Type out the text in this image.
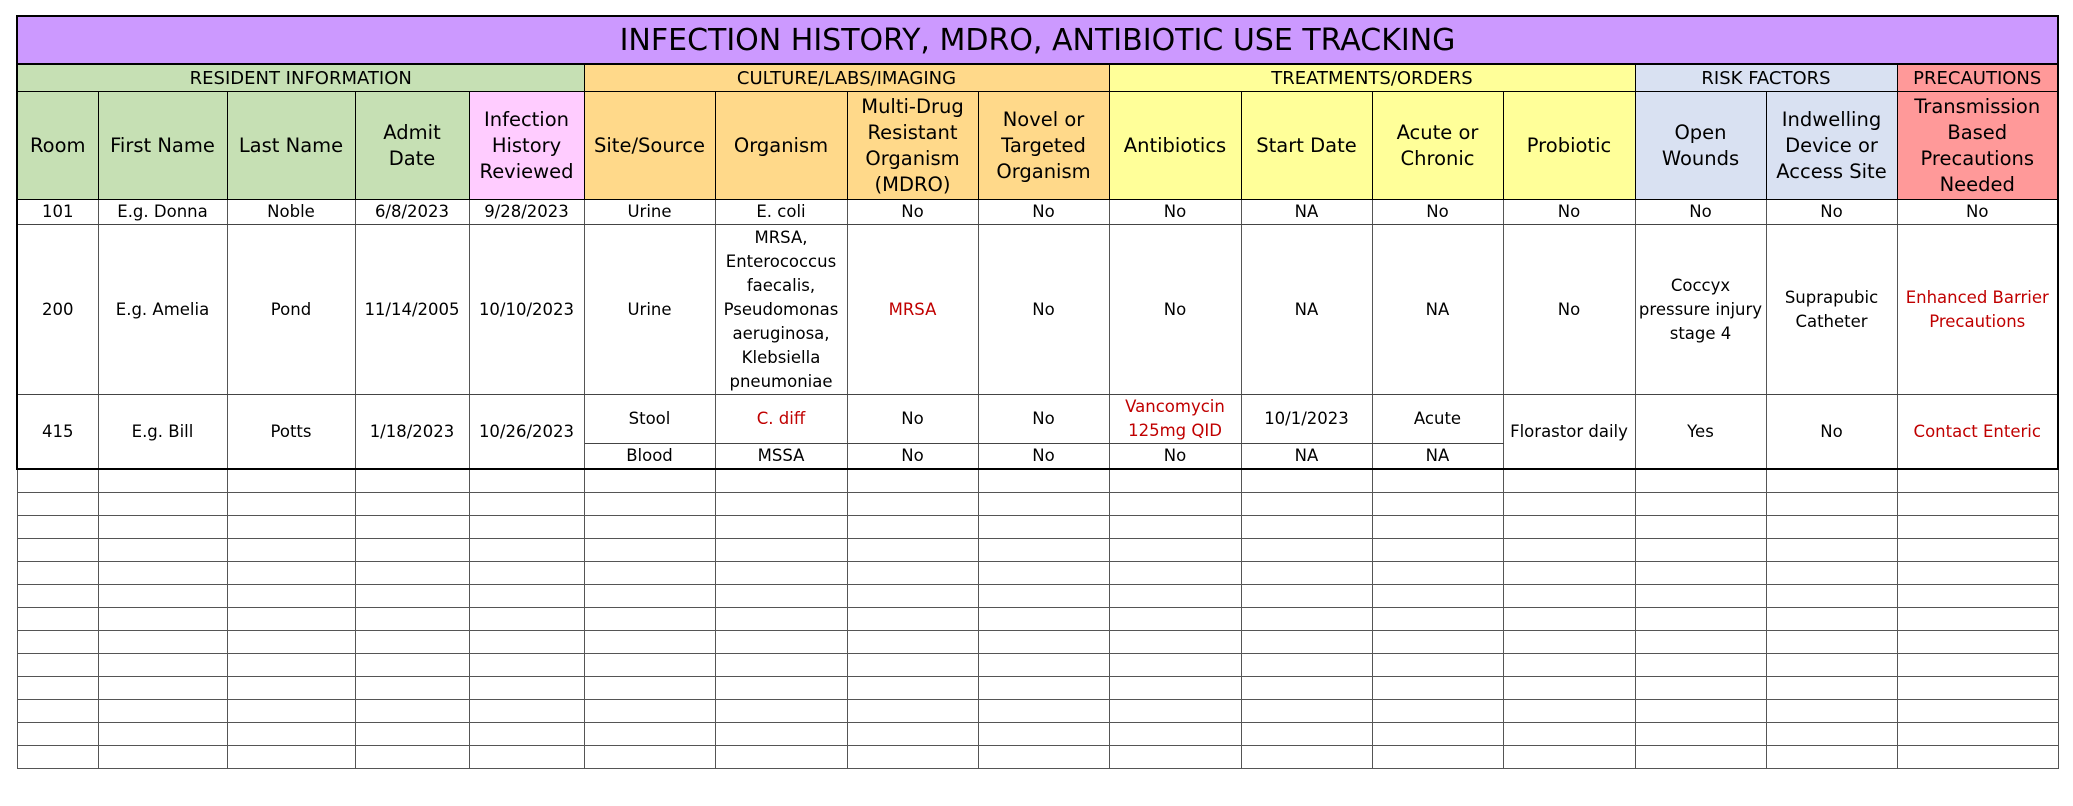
INFECTION HISTORY, MDRO, ANTIBIOTIC USE TRACKING															
RESIDENT INFORMATION					CULTURE/LABS/IMAGING				TREATMENTS/ORDERS				RISK FACTORS		PRECAUTIONS
Room	First Name	Last Name	Admit Date	Infection History Reviewed	Site/Source	Organism	Multi-Drug Resistant Organism (MDRO)	Novel or Targeted Organism	Antibiotics	Start Date	Acute or Chronic	Probiotic	Open Wounds	Indwelling Device or Access Site	Transmission Based Precautions Needed
101	E.g. Donna	Noble	6/8/2023	9/28/2023	Urine	E. coli	No	No	No	NA	No	No	No	No	No
200	E.g. Amelia	Pond	11/14/2005	10/10/2023	Urine	MRSA, Enterococcus faecalis, Pseudomonas aeruginosa, Klebsiella pneumoniae	MRSA	No	No	NA	NA	No	Coccyx pressure injury stage 4	Suprapubic Catheter	Enhanced Barrier Precautions
415	E.g. Bill	Potts	1/18/2023	10/26/2023	Stool	C. diff	No	No	Vancomycin 125mg QID	10/1/2023	Acute	Florastor daily	Yes	No	Contact Enteric
					Blood	MSSA	No	No	No	NA	NA				
